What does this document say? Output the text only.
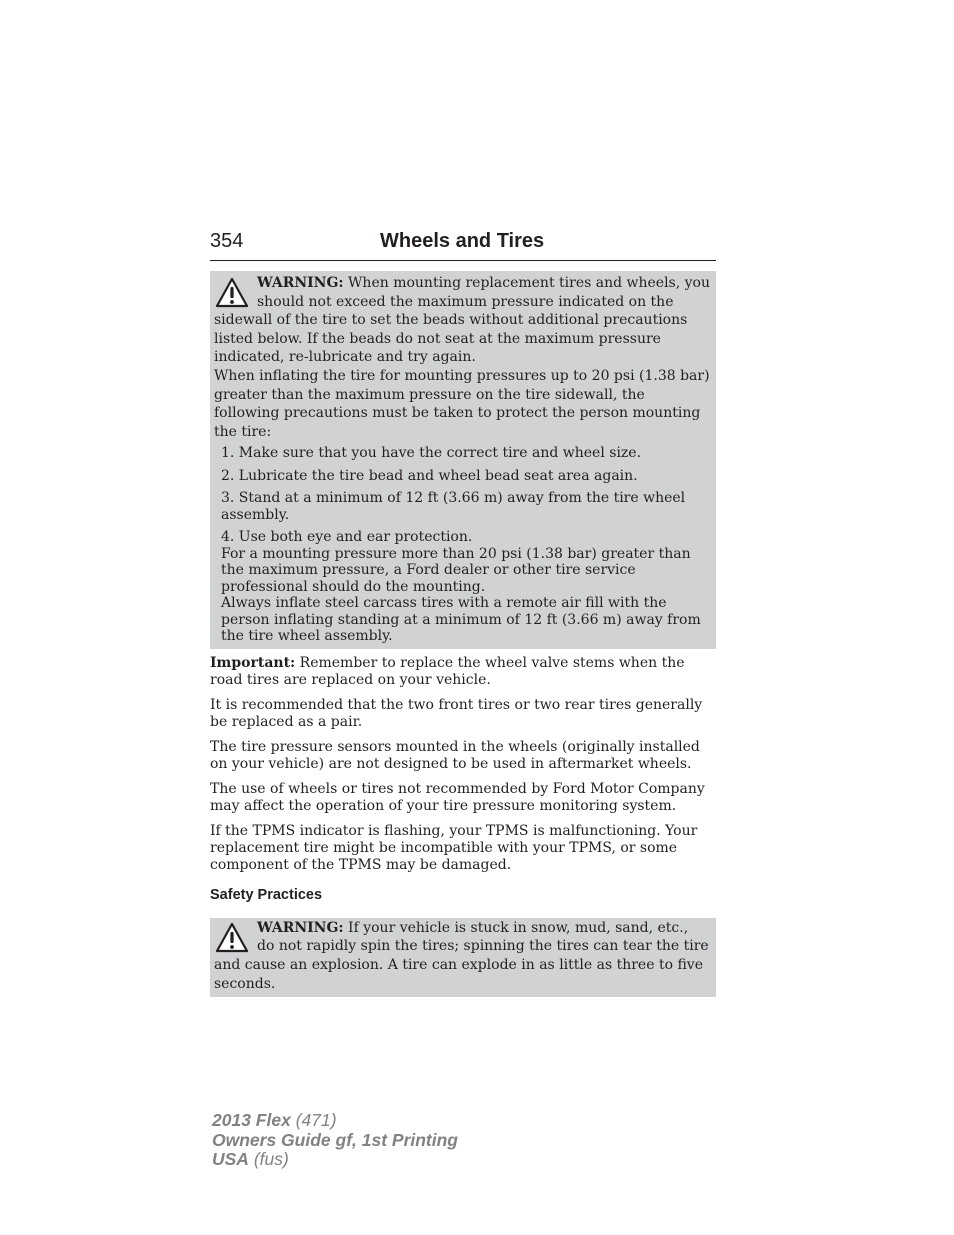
354	Wheels and Tires

WARNING: When mounting replacement tires and wheels, you should not exceed the maximum pressure indicated on the sidewall of the tire to set the beads without additional precautions listed below. If the beads do not seat at the maximum pressure indicated, re-lubricate and try again.

When inflating the tire for mounting pressures up to 20 psi (1.38 bar) greater than the maximum pressure on the tire sidewall, the following precautions must be taken to protect the person mounting the tire:

1. Make sure that you have the correct tire and wheel size.
2. Lubricate the tire bead and wheel bead seat area again.
3. Stand at a minimum of 12 ft (3.66 m) away from the tire wheel assembly.
4. Use both eye and ear protection.
For a mounting pressure more than 20 psi (1.38 bar) greater than the maximum pressure, a Ford dealer or other tire service professional should do the mounting.
Always inflate steel carcass tires with a remote air fill with the person inflating standing at a minimum of 12 ft (3.66 m) away from the tire wheel assembly.

Important: Remember to replace the wheel valve stems when the road tires are replaced on your vehicle.

It is recommended that the two front tires or two rear tires generally be replaced as a pair.

The tire pressure sensors mounted in the wheels (originally installed on your vehicle) are not designed to be used in aftermarket wheels.

The use of wheels or tires not recommended by Ford Motor Company may affect the operation of your tire pressure monitoring system.

If the TPMS indicator is flashing, your TPMS is malfunctioning. Your replacement tire might be incompatible with your TPMS, or some component of the TPMS may be damaged.

Safety Practices

WARNING: If your vehicle is stuck in snow, mud, sand, etc., do not rapidly spin the tires; spinning the tires can tear the tire and cause an explosion. A tire can explode in as little as three to five seconds.

2013 Flex (471)
Owners Guide gf, 1st Printing
USA (fus)
